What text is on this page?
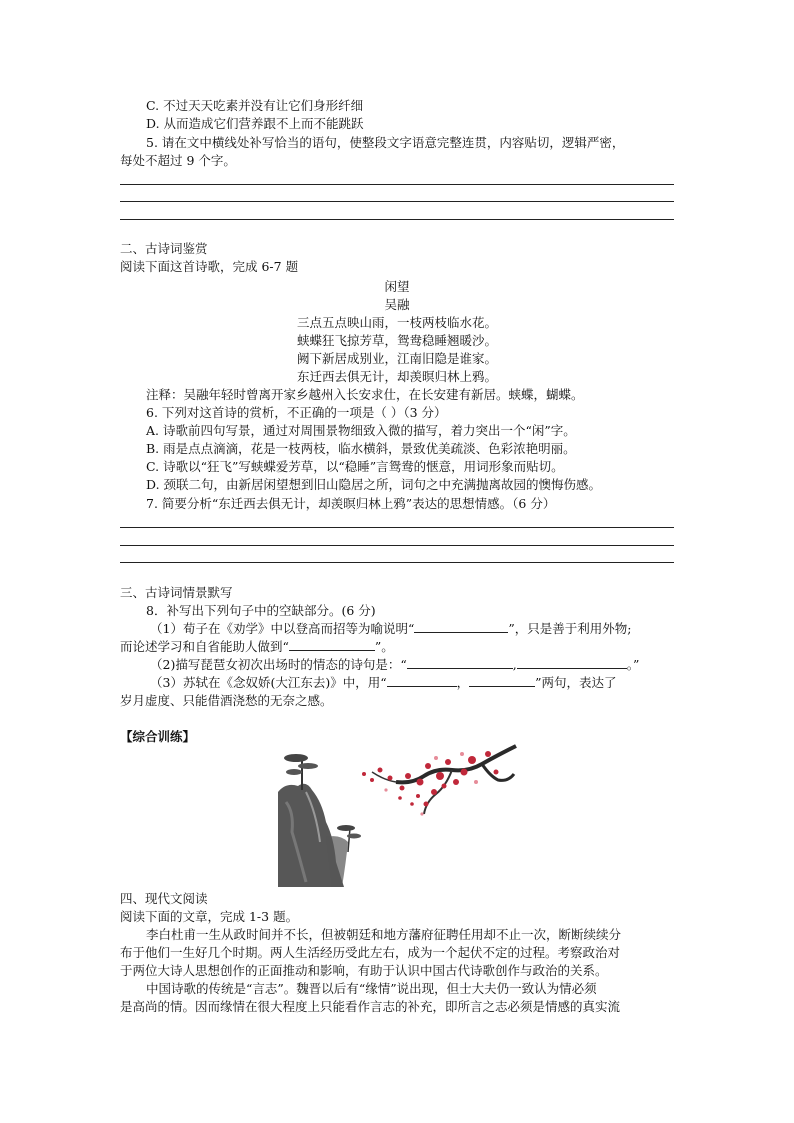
C. 不过天天吃素并没有让它们身形纤细
D. 从而造成它们营养跟不上而不能跳跃
5. 请在文中横线处补写恰当的语句，使整段文字语意完整连贯，内容贴切，逻辑严密，
每处不超过 9 个字。
二、古诗词鉴赏
阅读下面这首诗歌，完成 6-7 题
闲望
吴融
三点五点映山雨，一枝两枝临水花。
蛱蝶狂飞掠芳草，鸳鸯稳睡翘暖沙。
阙下新居成别业，江南旧隐是谁家。
东迁西去俱无计，却羡暝归林上鸦。
注释：吴融年轻时曾离开家乡越州入长安求仕，在长安建有新居。蛱蝶，蝴蝶。
6. 下列对这首诗的赏析，不正确的一项是（ ）（3 分）
A. 诗歌前四句写景，通过对周围景物细致入微的描写，着力突出一个“闲”字。
B. 雨是点点滴滴，花是一枝两枝，临水横斜，景致优美疏淡、色彩浓艳明丽。
C. 诗歌以“狂飞”写蛱蝶爱芳草，以“稳睡”言鸳鸯的惬意，用词形象而贴切。
D. 颈联二句，由新居闲望想到旧山隐居之所，词句之中充满抛离故园的懊悔伤感。
7. 简要分析“东迁西去俱无计，却羡暝归林上鸦”表达的思想情感。（6 分）
三、古诗词情景默写
8．补写出下列句子中的空缺部分。(6 分)
（1）荀子在《劝学》中以登高而招等为喻说明“	”，只是善于利用外物;
而论述学习和自省能助人做到“	”。
（2)描写琵琶女初次出场时的情态的诗句是：“	,	。”
（3）苏轼在《念奴娇(大江东去)》中，用“	，	”两句，表达了
岁月虚度、只能借酒浇愁的无奈之感。
【综合训练】
四、现代文阅读
阅读下面的文章，完成 1-3 题。
李白杜甫一生从政时间并不长，但被朝廷和地方藩府征聘任用却不止一次，断断续续分
布于他们一生好几个时期。两人生活经历受此左右，成为一个起伏不定的过程。考察政治对
于两位大诗人思想创作的正面推动和影响，有助于认识中国古代诗歌创作与政治的关系。
中国诗歌的传统是“言志”。魏晋以后有“缘情”说出现，但士大夫仍一致认为情必须
是高尚的情。因而缘情在很大程度上只能看作言志的补充，即所言之志必须是情感的真实流
